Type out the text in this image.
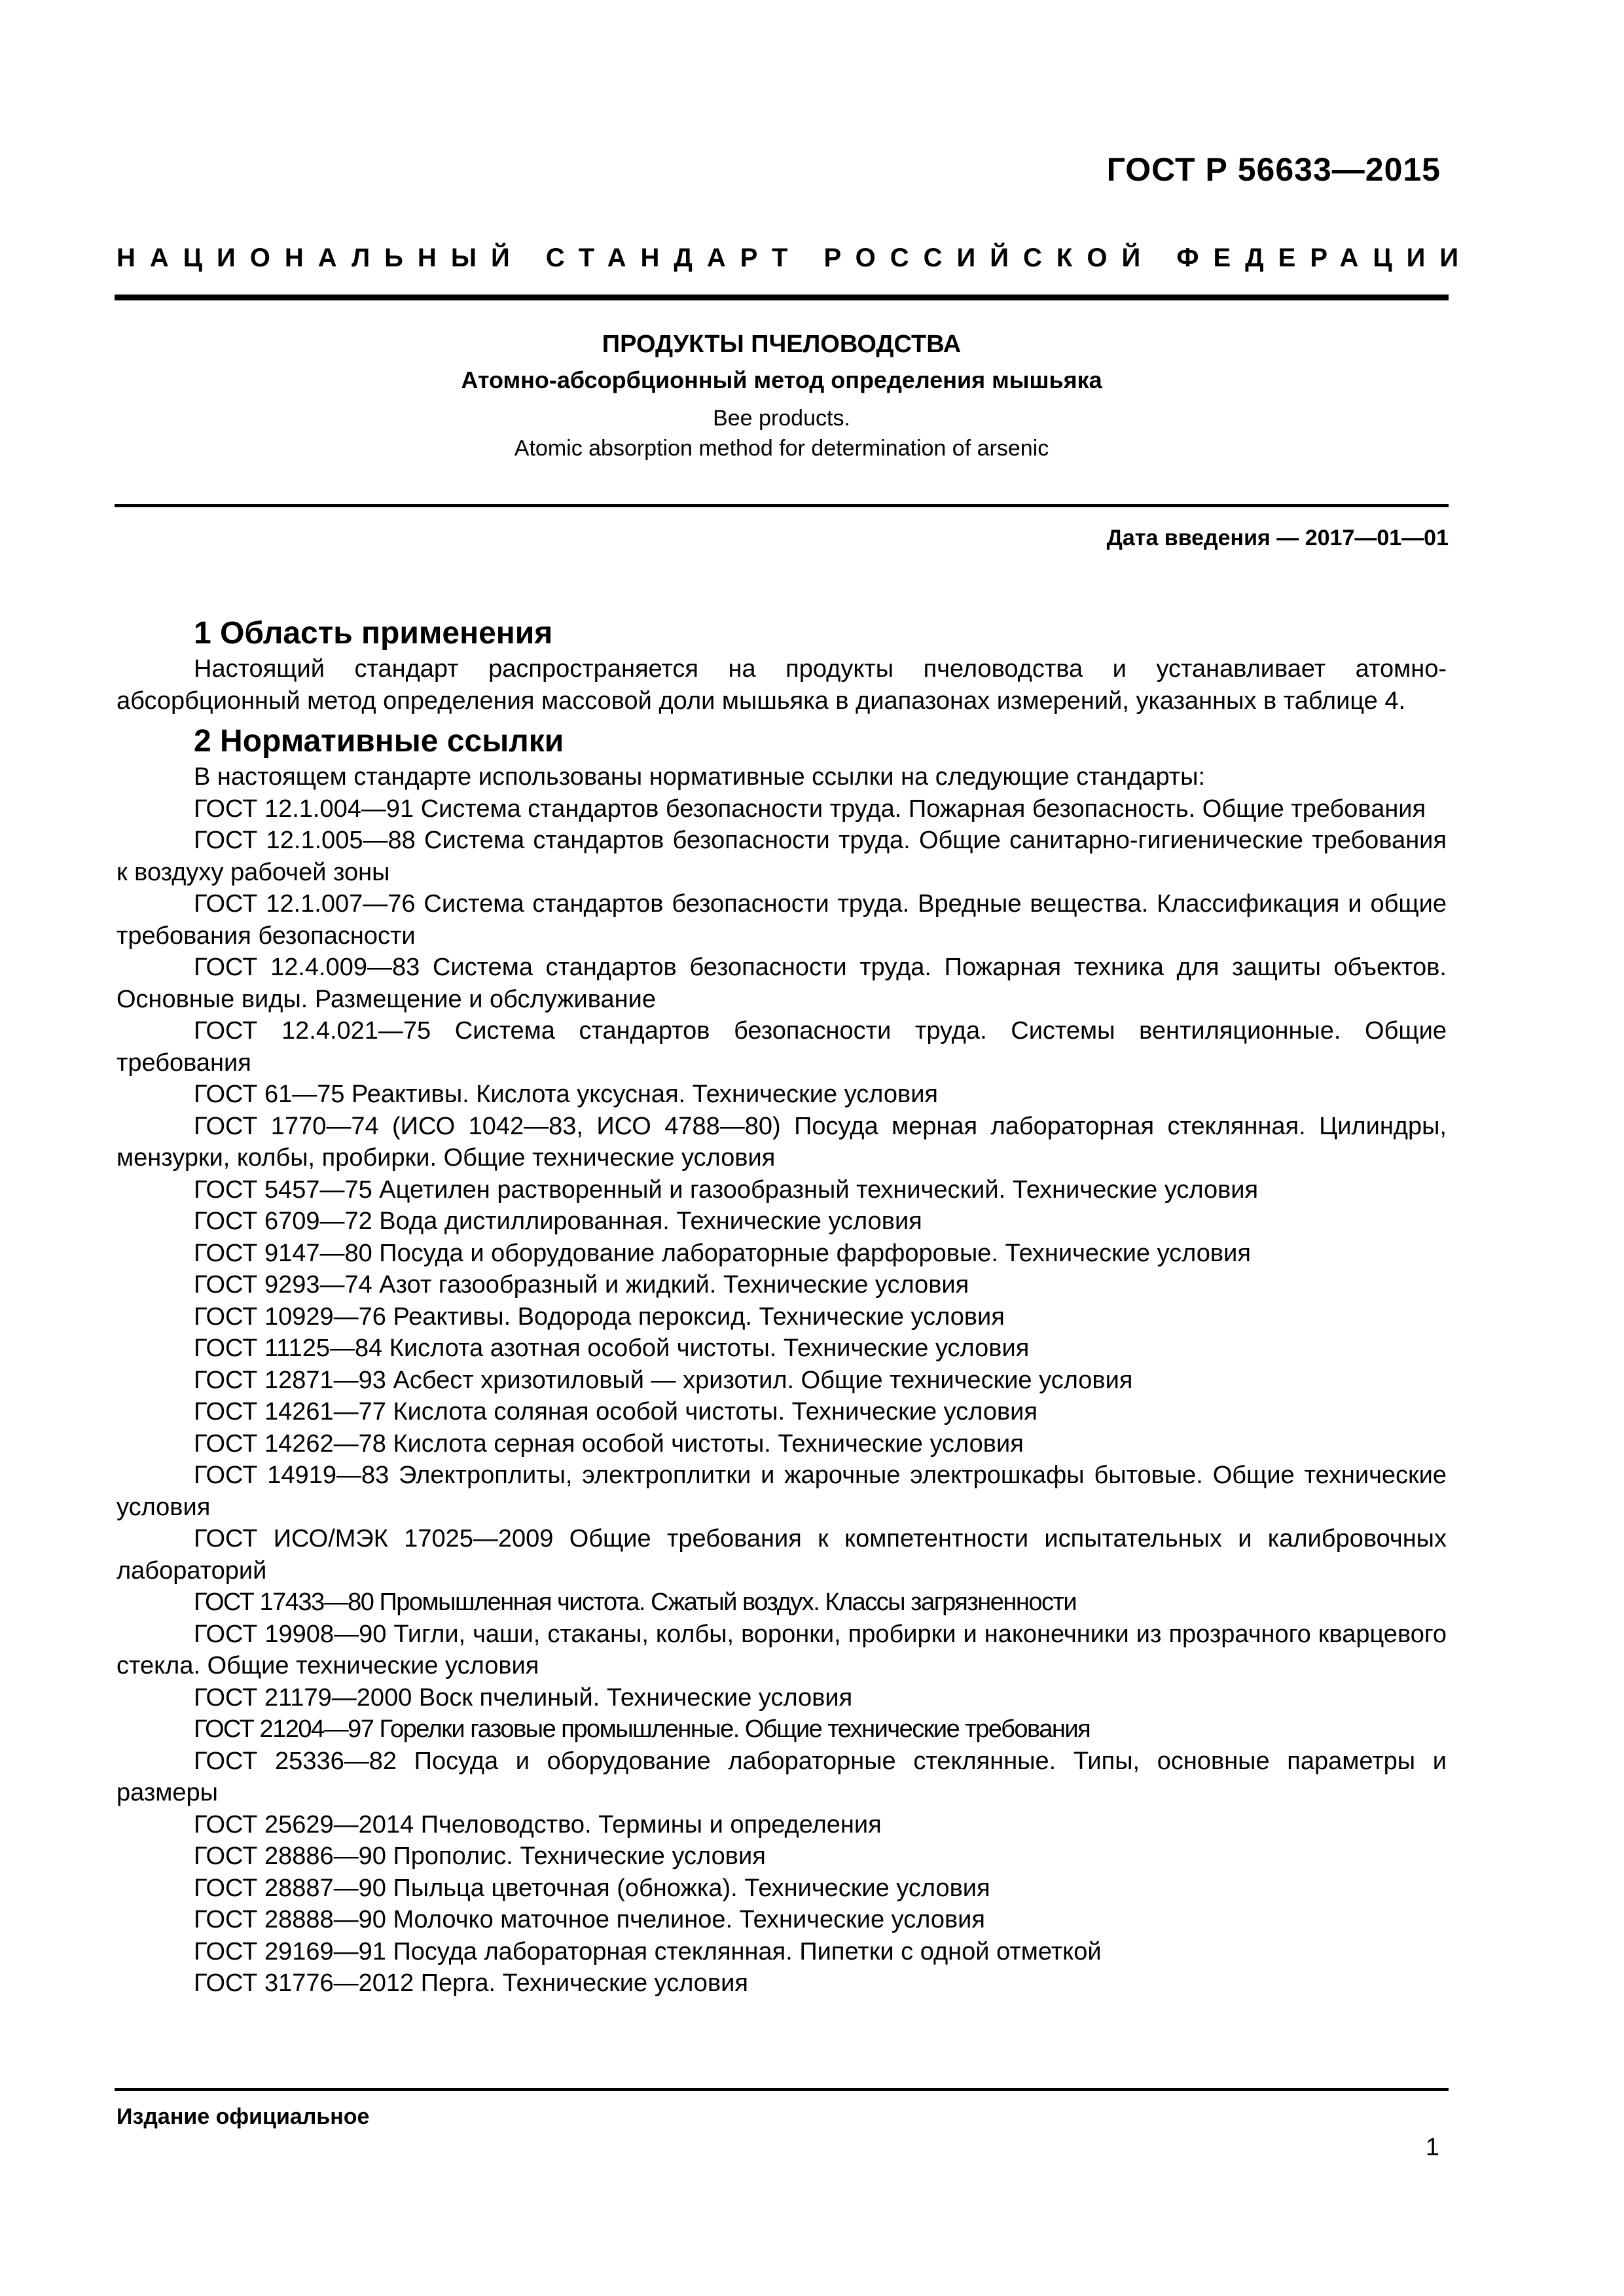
ГОСТ Р 56633—2015
НАЦИОНАЛЬНЫЙ СТАНДАРТ РОССИЙСКОЙ ФЕДЕРАЦИИ
ПРОДУКТЫ ПЧЕЛОВОДСТВА
Атомно-абсорбционный метод определения мышьяка
Bee products.
Atomic absorption method for determination of arsenic
Дата введения — 2017—01—01
1 Область применения

Настоящий стандарт распространяется на продукты пчеловодства и устанавливает атомно-абсорбционный метод определения массовой доли мышьяка в диапазонах измерений, указанных в таблице 4.

2 Нормативные ссылки

В настоящем стандарте использованы нормативные ссылки на следующие стандарты:

ГОСТ 12.1.004—91 Система стандартов безопасности труда. Пожарная безопасность. Общие требования
ГОСТ 12.1.005—88 Система стандартов безопасности труда. Общие санитарно-гигиенические требования к воздуху рабочей зоны
ГОСТ 12.1.007—76 Система стандартов безопасности труда. Вредные вещества. Классификация и общие требования безопасности
ГОСТ 12.4.009—83 Система стандартов безопасности труда. Пожарная техника для защиты объектов. Основные виды. Размещение и обслуживание
ГОСТ 12.4.021—75 Система стандартов безопасности труда. Системы вентиляционные. Общие требования
ГОСТ 61—75 Реактивы. Кислота уксусная. Технические условия
ГОСТ 1770—74 (ИСО 1042—83, ИСО 4788—80) Посуда мерная лабораторная стеклянная. Цилиндры, мензурки, колбы, пробирки. Общие технические условия
ГОСТ 5457—75 Ацетилен растворенный и газообразный технический. Технические условия
ГОСТ 6709—72 Вода дистиллированная. Технические условия
ГОСТ 9147—80 Посуда и оборудование лабораторные фарфоровые. Технические условия
ГОСТ 9293—74 Азот газообразный и жидкий. Технические условия
ГОСТ 10929—76 Реактивы. Водорода пероксид. Технические условия
ГОСТ 11125—84 Кислота азотная особой чистоты. Технические условия
ГОСТ 12871—93 Асбест хризотиловый — хризотил. Общие технические условия
ГОСТ 14261—77 Кислота соляная особой чистоты. Технические условия
ГОСТ 14262—78 Кислота серная особой чистоты. Технические условия
ГОСТ 14919—83 Электроплиты, электроплитки и жарочные электрошкафы бытовые. Общие технические условия
ГОСТ ИСО/МЭК 17025—2009 Общие требования к компетентности испытательных и калибровочных лабораторий
ГОСТ 17433—80 Промышленная чистота. Сжатый воздух. Классы загрязненности
ГОСТ 19908—90 Тигли, чаши, стаканы, колбы, воронки, пробирки и наконечники из прозрачного кварцевого стекла. Общие технические условия
ГОСТ 21179—2000 Воск пчелиный. Технические условия
ГОСТ 21204—97 Горелки газовые промышленные. Общие технические требования
ГОСТ 25336—82 Посуда и оборудование лабораторные стеклянные. Типы, основные параметры и размеры
ГОСТ 25629—2014 Пчеловодство. Термины и определения
ГОСТ 28886—90 Прополис. Технические условия
ГОСТ 28887—90 Пыльца цветочная (обножка). Технические условия
ГОСТ 28888—90 Молочко маточное пчелиное. Технические условия
ГОСТ 29169—91 Посуда лабораторная стеклянная. Пипетки с одной отметкой
ГОСТ 31776—2012 Перга. Технические условия
Издание официальное
1
